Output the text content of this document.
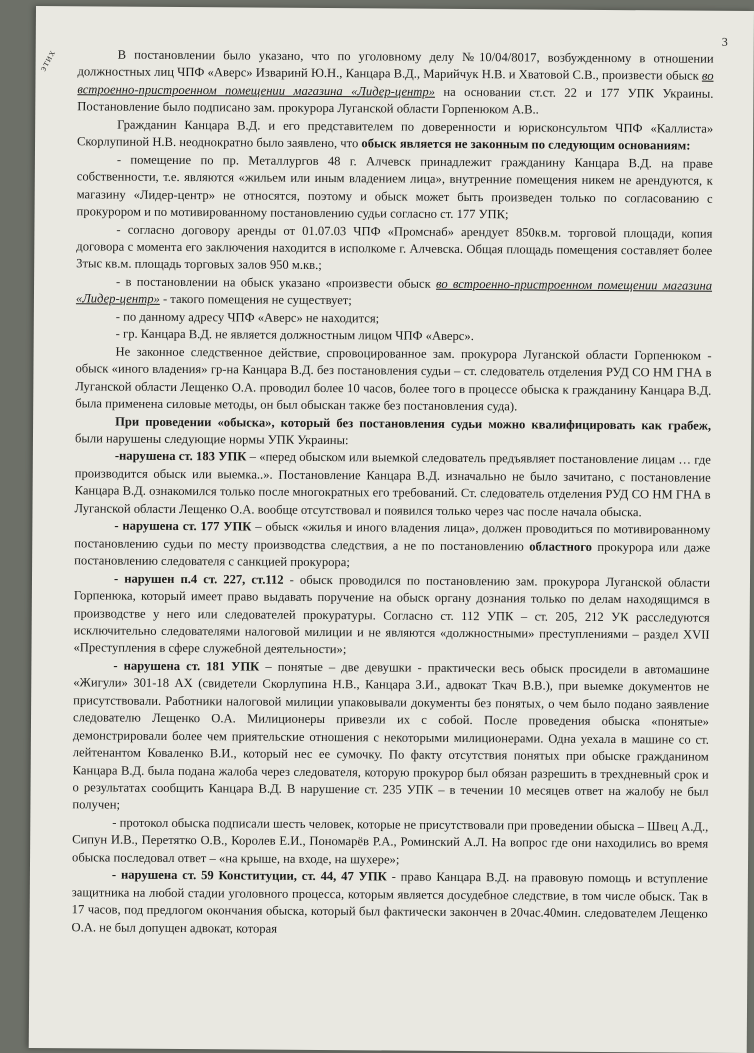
этих
3

В постановлении было указано, что по уголовному делу №10/04/8017, возбужденному в отношении должностных лиц ЧПФ «Аверс» Изваринй Ю.Н., Канцара В.Д., Марийчук Н.В. и Хватовой С.В., произвести обыск во встроенно-пристроенном помещении магазина «Лидер-центр» на основании ст.ст. 22 и 177 УПК Украины. Постановление было подписано зам. прокурора Луганской области Горпенюком А.В..

Гражданин Канцара В.Д. и его представителем по доверенности и юрисконсультом ЧПФ «Каллиста» Скорлупиной Н.В. неоднократно было заявлено, что обыск является не законным по следующим основаниям:

- помещение по пр. Металлургов 48 г. Алчевск принадлежит гражданину Канцара В.Д. на праве собственности, т.е. являются «жильем или иным владением лица», внутренние помещения никем не арендуются, к магазину «Лидер-центр» не относятся, поэтому и обыск может быть произведен только по согласованию с прокурором и по мотивированному постановлению судьи согласно ст. 177 УПК;

- согласно договору аренды от 01.07.03 ЧПФ «Промснаб» арендует 850кв.м. торговой площади, копия договора с момента его заключения находится в исполкоме г. Алчевска. Общая площадь помещения составляет более 3тыс кв.м. площадь торговых залов 950 м.кв.;

- в постановлении на обыск указано «произвести обыск во встроенно-пристроенном помещении магазина «Лидер-центр» - такого помещения не существует;

- по данному адресу ЧПФ «Аверс» не находится;

- гр. Канцара В.Д. не является должностным лицом ЧПФ «Аверс».

Не законное следственное действие, спровоцированное зам. прокурора Луганской области Горпенюком - обыск «иного владения» гр-на Канцара В.Д. без постановления судьи – ст. следователь отделения РУД СО НМ ГНА в Луганской области Лещенко О.А. проводил более 10 часов, более того в процессе обыска к гражданину Канцара В.Д. была применена силовые методы, он был обыскан также без постановления суда).

При проведении «обыска», который без постановления судьи можно квалифицировать как грабеж, были нарушены следующие нормы УПК Украины:

-нарушена ст. 183 УПК – «перед обыском или выемкой следователь предъявляет постановление лицам … где производится обыск или выемка..». Постановление Канцара В.Д. изначально не было зачитано, с постановление Канцара В.Д. ознакомился только после многократных его требований. Ст. следователь отделения РУД СО НМ ГНА в Луганской области Лещенко О.А. вообще отсутствовал и появился только через час после начала обыска.

- нарушена ст. 177 УПК – обыск «жилья и иного владения лица», должен проводиться по мотивированному постановлению судьи по месту производства следствия, а не по постановлению областного прокурора или даже постановлению следователя с санкцией прокурора;

- нарушен п.4 ст. 227, ст.112 - обыск проводился по постановлению зам. прокурора Луганской области Горпенюка, который имеет право выдавать поручение на обыск органу дознания только по делам находящимся в производстве у него или следователей прокуратуры. Согласно ст. 112 УПК – ст. 205, 212 УК расследуются исключительно следователями налоговой милиции и не являются «должностными» преступлениями – раздел XVII «Преступления в сфере служебной деятельности»;

- нарушена ст. 181 УПК – понятые – две девушки - практически весь обыск просидели в автомашине «Жигули» 301-18 АХ (свидетели Скорлупина Н.В., Канцара З.И., адвокат Ткач В.В.), при выемке документов не присутствовали. Работники налоговой милиции упаковывали документы без понятых, о чем было подано заявление следователю Лещенко О.А. Милиционеры привезли их с собой. После проведения обыска «понятые» демонстрировали более чем приятельские отношения с некоторыми милиционерами. Одна уехала в машине со ст. лейтенантом Коваленко В.И., который нес ее сумочку. По факту отсутствия понятых при обыске гражданином Канцара В.Д. была подана жалоба через следователя, которую прокурор был обязан разрешить в трехдневный срок и о результатах сообщить Канцара В.Д. В нарушение ст. 235 УПК – в течении 10 месяцев ответ на жалобу не был получен;

- протокол обыска подписали шесть человек, которые не присутствовали при проведении обыска – Швец А.Д., Сипун И.В., Перетятко О.В., Королев Е.И., Пономарёв Р.А., Роминский А.Л. На вопрос где они находились во время обыска последовал ответ – «на крыше, на входе, на шухере»;

- нарушена ст. 59 Конституции, ст. 44, 47 УПК - право Канцара В.Д. на правовую помощь и вступление защитника на любой стадии уголовного процесса, которым является досудебное следствие, в том числе обыск. Так в 17 часов, под предлогом окончания обыска, который был фактически закончен в 20час.40мин. следователем Лещенко О.А. не был допущен адвокат, которая
